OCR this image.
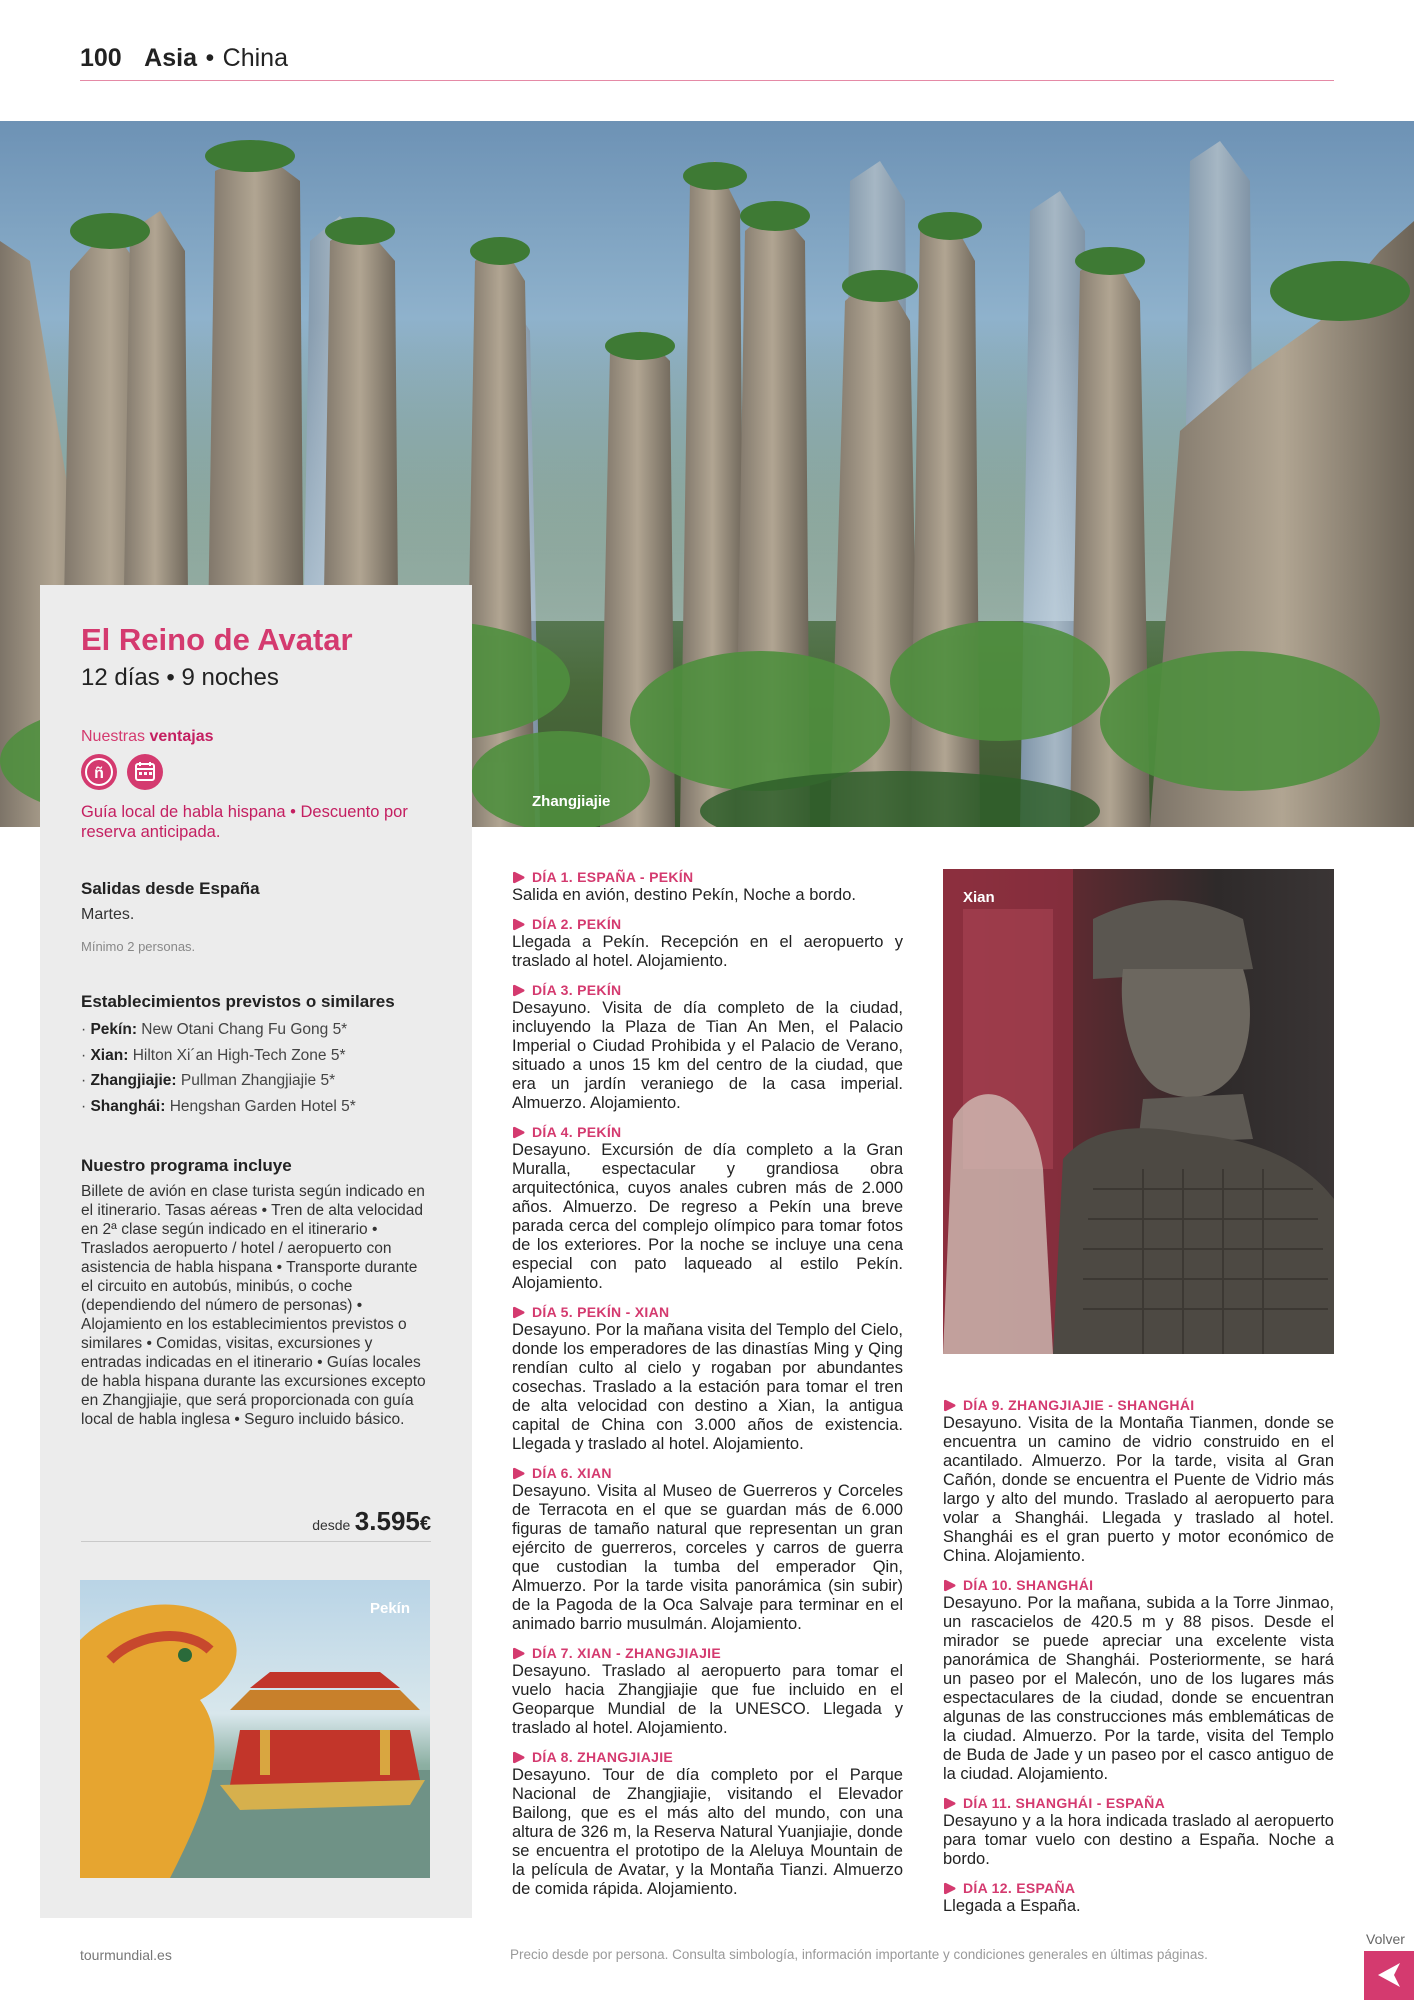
100 Asia • China
Zhangjiajie
El Reino de Avatar
12 días • 9 noches
Nuestras ventajas
ñ

Guía local de habla hispana • Descuento por reserva anticipada.
Salidas desde España
Martes.
Mínimo 2 personas.
Establecimientos previstos o similares
· Pekín: New Otani Chang Fu Gong 5*
· Xian: Hilton Xi´an High-Tech Zone 5*
· Zhangjiajie: Pullman Zhangjiajie 5*
· Shanghái: Hengshan Garden Hotel 5*
Nuestro programa incluye
Billete de avión en clase turista según indicado en el itinerario. Tasas aéreas • Tren de alta velocidad en 2ª clase según indicado en el itinerario • Traslados aeropuerto / hotel / aeropuerto con asistencia de habla hispana • Transporte durante el circuito en autobús, minibús, o coche (dependiendo del número de personas) • Alojamiento en los establecimientos previstos o similares • Comidas, visitas, excursiones y entradas indicadas en el itinerario • Guías locales de habla hispana durante las excursiones excepto en Zhangjiajie, que será proporcionada con guía local de habla inglesa • Seguro incluido básico.
desde 3.595€
Pekín
DÍA 1. ESPAÑA - PEKÍN
Salida en avión, destino Pekín, Noche a bordo.
DÍA 2. PEKÍN
Llegada a Pekín. Recepción en el aeropuerto y traslado al hotel. Alojamiento.
DÍA 3. PEKÍN
Desayuno. Visita de día completo de la ciudad, incluyendo la Plaza de Tian An Men, el Palacio Imperial o Ciudad Prohibida y el Palacio de Verano, situado a unos 15 km del centro de la ciudad, que era un jardín veraniego de la casa imperial. Almuerzo. Alojamiento.
DÍA 4. PEKÍN
Desayuno. Excursión de día completo a la Gran Muralla, espectacular y grandiosa obra arquitectónica, cuyos anales cubren más de 2.000 años. Almuerzo. De regreso a Pekín una breve parada cerca del complejo olímpico para tomar fotos de los exteriores. Por la noche se incluye una cena especial con pato laqueado al estilo Pekín. Alojamiento.
DÍA 5. PEKÍN - XIAN
Desayuno. Por la mañana visita del Templo del Cielo, donde los emperadores de las dinastías Ming y Qing rendían culto al cielo y rogaban por abundantes cosechas. Traslado a la estación para tomar el tren de alta velocidad con destino a Xian, la antigua capital de China con 3.000 años de existencia. Llegada y traslado al hotel. Alojamiento.
DÍA 6. XIAN
Desayuno. Visita al Museo de Guerreros y Corceles de Terracota en el que se guardan más de 6.000 figuras de tamaño natural que representan un gran ejército de guerreros, corceles y carros de guerra que custodian la tumba del emperador Qin, Almuerzo. Por la tarde visita panorámica (sin subir) de la Pagoda de la Oca Salvaje para terminar en el animado barrio musulmán. Alojamiento.
DÍA 7. XIAN - ZHANGJIAJIE
Desayuno. Traslado al aeropuerto para tomar el vuelo hacia Zhangjiajie que fue incluido en el Geoparque Mundial de la UNESCO. Llegada y traslado al hotel. Alojamiento.
DÍA 8. ZHANGJIAJIE
Desayuno. Tour de día completo por el Parque Nacional de Zhangjiajie, visitando el Elevador Bailong, que es el más alto del mundo, con una altura de 326 m, la Reserva Natural Yuanjiajie, donde se encuentra el prototipo de la Aleluya Mountain de la película de Avatar, y la Montaña Tianzi. Almuerzo de comida rápida. Alojamiento.
Xian
DÍA 9. ZHANGJIAJIE - SHANGHÁI
Desayuno. Visita de la Montaña Tianmen, donde se encuentra un camino de vidrio construido en el acantilado. Almuerzo. Por la tarde, visita al Gran Cañón, donde se encuentra el Puente de Vidrio más largo y alto del mundo. Traslado al aeropuerto para volar a Shanghái. Llegada y traslado al hotel. Shanghái es el gran puerto y motor económico de China. Alojamiento.
DÍA 10. SHANGHÁI
Desayuno. Por la mañana, subida a la Torre Jinmao, un rascacielos de 420.5 m y 88 pisos. Desde el mirador se puede apreciar una excelente vista panorámica de Shanghái. Posteriormente, se hará un paseo por el Malecón, uno de los lugares más espectaculares de la ciudad, donde se encuentran algunas de las construcciones más emblemáticas de la ciudad. Almuerzo. Por la tarde, visita del Templo de Buda de Jade y un paseo por el casco antiguo de la ciudad. Alojamiento.
DÍA 11. SHANGHÁI - ESPAÑA
Desayuno y a la hora indicada traslado al aeropuerto para tomar vuelo con destino a España. Noche a bordo.
DÍA 12. ESPAÑA
Llegada a España.
tourmundial.es	Precio desde por persona. Consulta simbología, información importante y condiciones generales en últimas páginas.
Volver
